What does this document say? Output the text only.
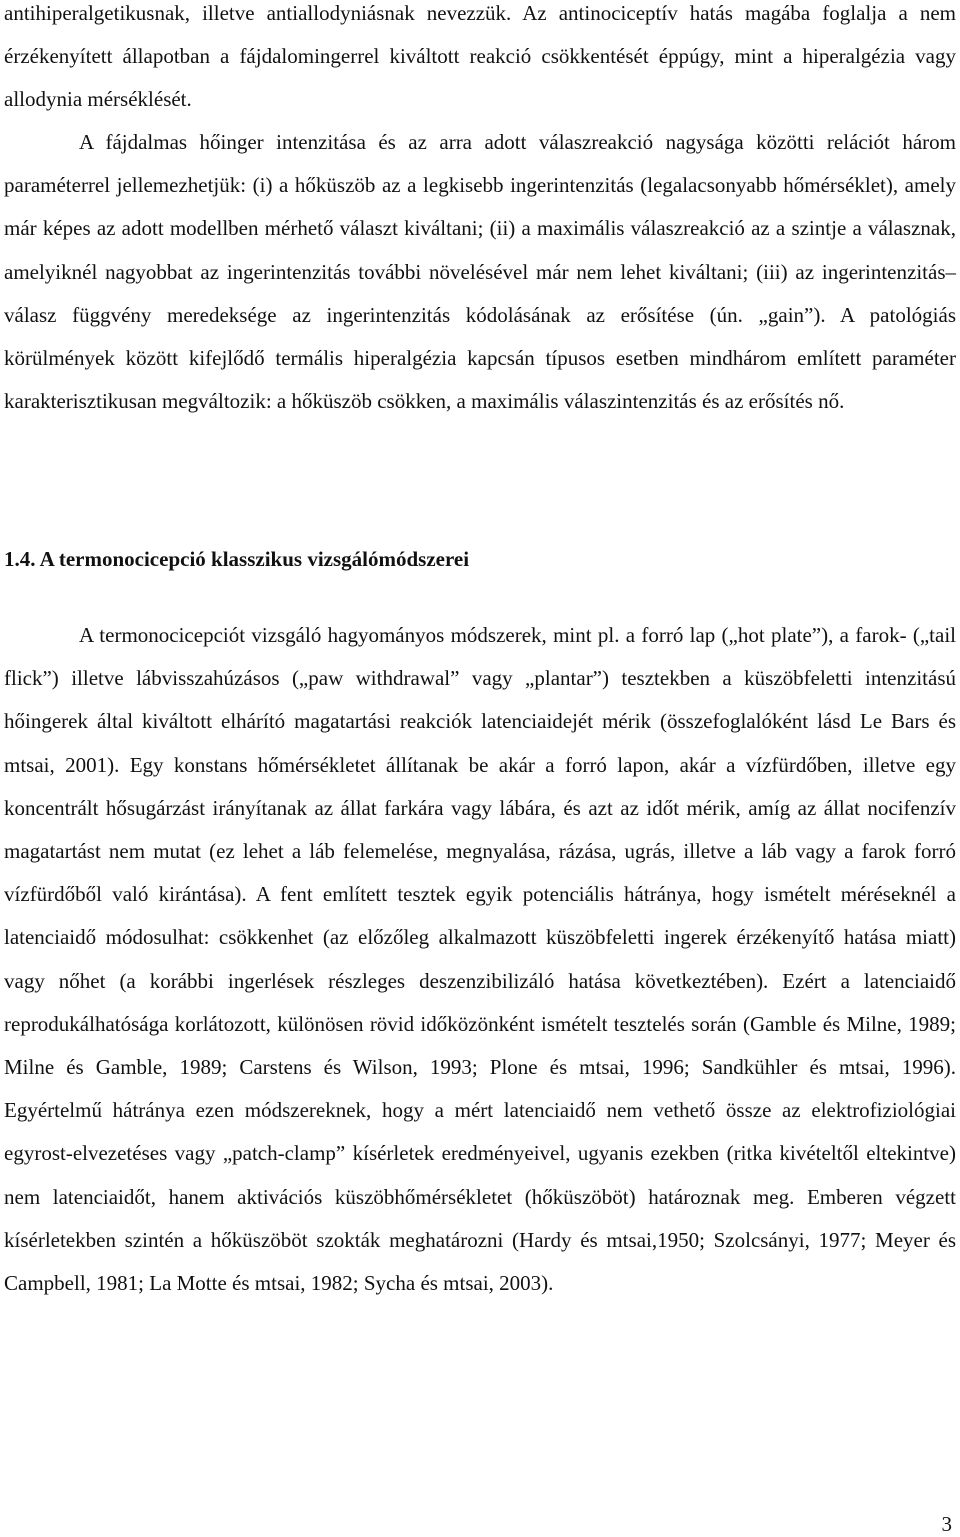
antihiperalgetikusnak, illetve antiallodyniásnak nevezzük. Az antinociceptív hatás magába foglalja a nem érzékenyített állapotban a fájdalomingerrel kiváltott reakció csökkentését éppúgy, mint a hiperalgézia vagy allodynia mérséklését.

A fájdalmas hőinger intenzitása és az arra adott válaszreakció nagysága közötti relációt három paraméterrel jellemezhetjük: (i) a hőküszöb az a legkisebb ingerintenzitás (legalacsonyabb hőmérséklet), amely már képes az adott modellben mérhető választ kiváltani; (ii) a maximális válaszreakció az a szintje a válasznak, amelyiknél nagyobbat az ingerintenzitás további növelésével már nem lehet kiváltani; (iii) az ingerintenzitás–válasz függvény meredeksége az ingerintenzitás kódolásának az erősítése (ún. „gain”). A patológiás körülmények között kifejlődő termális hiperalgézia kapcsán típusos esetben mindhárom említett paraméter karakterisztikusan megváltozik: a hőküszöb csökken, a maximális válaszintenzitás és az erősítés nő.

1.4. A termonocicepció klasszikus vizsgálómódszerei

A termonocicepciót vizsgáló hagyományos módszerek, mint pl. a forró lap („hot plate”), a farok- („tail flick”) illetve lábvisszahúzásos („paw withdrawal” vagy „plantar”) tesztekben a küszöbfeletti intenzitású hőingerek által kiváltott elhárító magatartási reakciók latenciaidejét mérik (összefoglalóként lásd Le Bars és mtsai, 2001). Egy konstans hőmérsékletet állítanak be akár a forró lapon, akár a vízfürdőben, illetve egy koncentrált hősugárzást irányítanak az állat farkára vagy lábára, és azt az időt mérik, amíg az állat nocifenzív magatartást nem mutat (ez lehet a láb felemelése, megnyalása, rázása, ugrás, illetve a láb vagy a farok forró vízfürdőből való kirántása). A fent említett tesztek egyik potenciális hátránya, hogy ismételt méréseknél a latenciaidő módosulhat: csökkenhet (az előzőleg alkalmazott küszöbfeletti ingerek érzékenyítő hatása miatt) vagy nőhet (a korábbi ingerlések részleges deszenzibilizáló hatása következtében). Ezért a latenciaidő reprodukálhatósága korlátozott, különösen rövid időközönként ismételt tesztelés során (Gamble és Milne, 1989; Milne és Gamble, 1989; Carstens és Wilson, 1993; Plone és mtsai, 1996; Sandkühler és mtsai, 1996). Egyértelmű hátránya ezen módszereknek, hogy a mért latenciaidő nem vethető össze az elektrofiziológiai egyrost-elvezetéses vagy „patch-clamp” kísérletek eredményeivel, ugyanis ezekben (ritka kivételtől eltekintve) nem latenciaidőt, hanem aktivációs küszöbhőmérsékletet (hőküszöböt) határoznak meg. Emberen végzett kísérletekben szintén a hőküszöböt szokták meghatározni (Hardy és mtsai,1950; Szolcsányi, 1977; Meyer és Campbell, 1981; La Motte és mtsai, 1982; Sycha és mtsai, 2003).

3
